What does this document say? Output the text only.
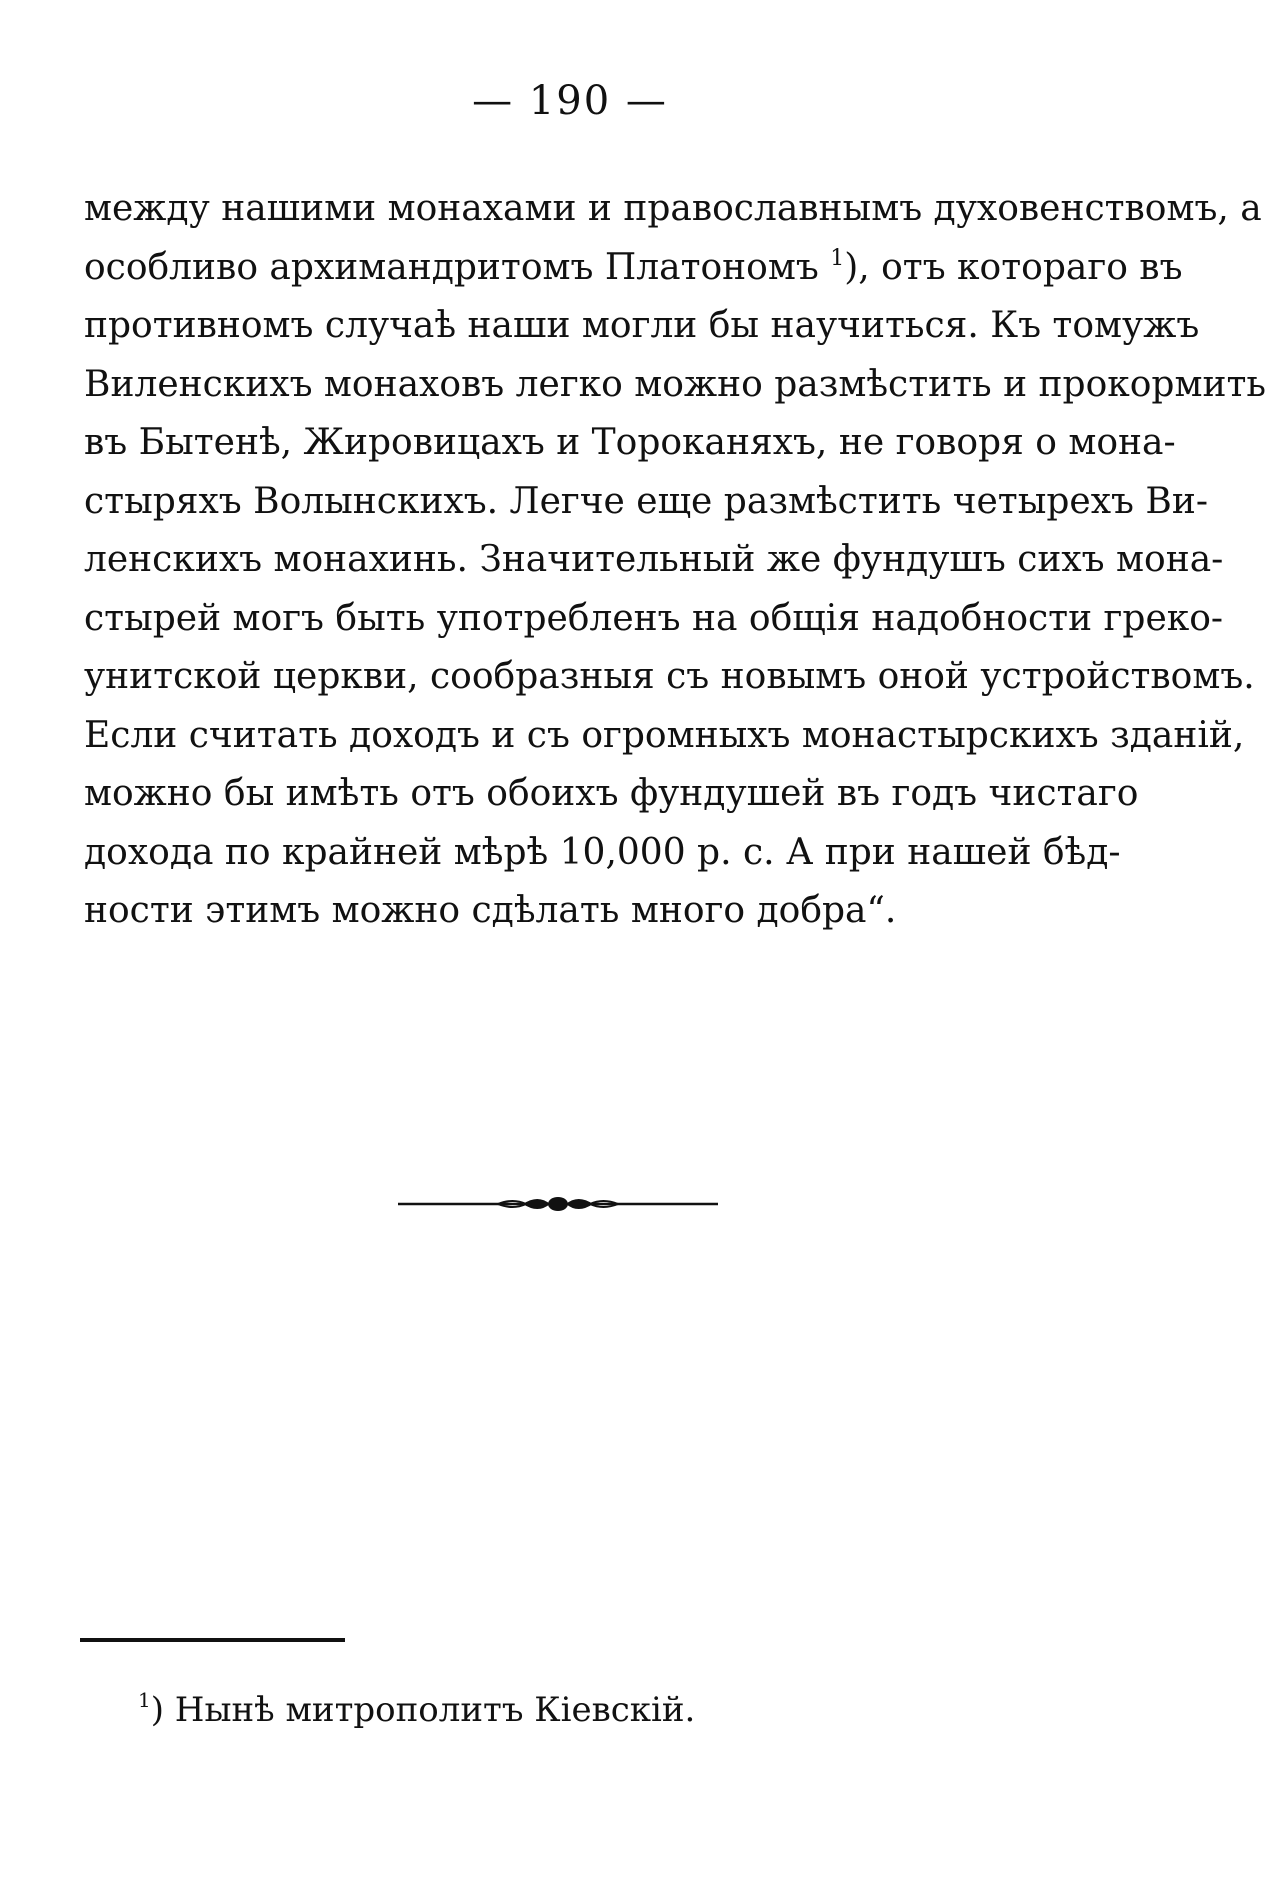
— 190 —
между нашими монахами и православнымъ духовенствомъ, а
особливо архимандритомъ Платономъ $^1$), отъ котораго въ
противномъ случаѣ наши могли бы научиться. Къ томужъ
Виленскихъ монаховъ легко можно размѣстить и прокормить
въ Бытенѣ, Жировицахъ и Тороканяхъ, не говоря о мона-
стыряхъ Волынскихъ. Легче еще размѣстить четырехъ Ви-
ленскихъ монахинь. Значительный же фундушъ сихъ мона-
стырей могъ быть употребленъ на общія надобности греко-
унитской церкви, сообразныя съ новымъ оной устройствомъ.
Если считать доходъ и съ огромныхъ монастырскихъ зданій,
можно бы имѣть отъ обоихъ фундушей въ годъ чистаго
дохода по крайней мѣрѣ 10,000 р. с. А при нашей бѣд-
ности этимъ можно сдѣлать много добра“.
$^1$) Нынѣ митрополитъ Кіевскій.
